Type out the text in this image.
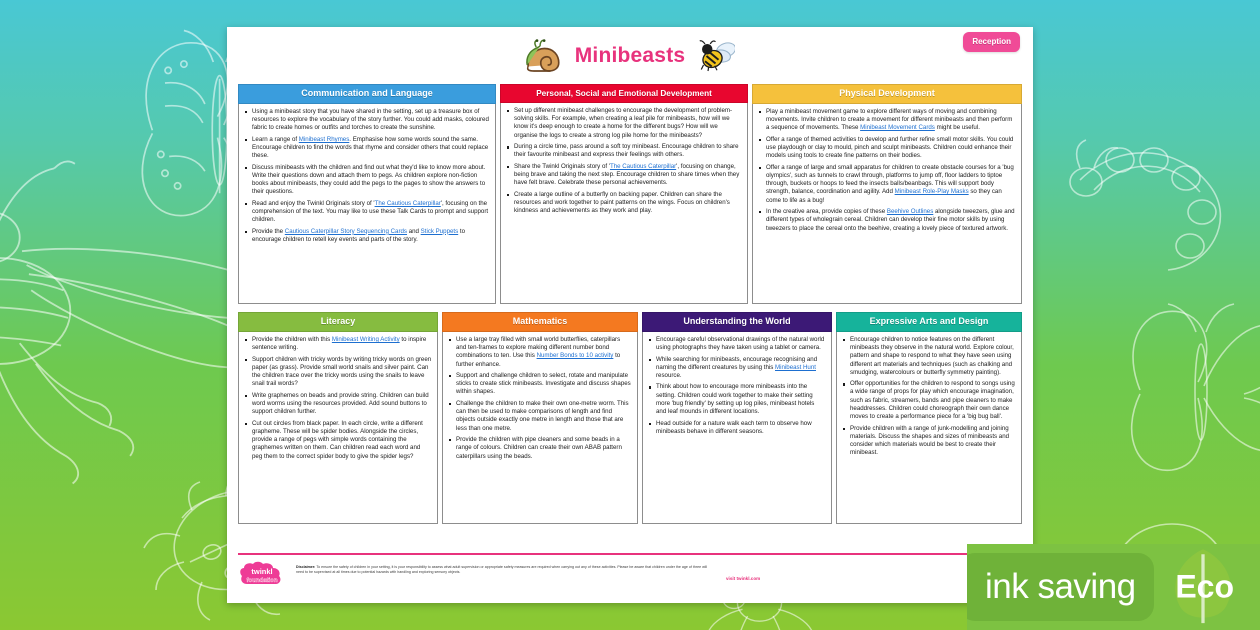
Minibeasts
Reception
Communication and Language
Using a minibeast story that you have shared in the setting, set up a treasure box of resources to explore the vocabulary of the story further. You could add masks, coloured fabric to create homes or outfits and torches to create the sunshine.
Learn a range of Minibeast Rhymes. Emphasise how some words sound the same. Encourage children to find the words that rhyme and consider others that could replace these.
Discuss minibeasts with the children and find out what they'd like to know more about. Write their questions down and attach them to pegs. As children explore non-fiction books about minibeasts, they could add the pegs to the pages to show the answers to their questions.
Read and enjoy the Twinkl Originals story of 'The Cautious Caterpillar', focusing on the comprehension of the text. You may like to use these Talk Cards to prompt and support children.
Provide the Cautious Caterpillar Story Sequencing Cards and Stick Puppets to encourage children to retell key events and parts of the story.
Personal, Social and Emotional Development
Set up different minibeast challenges to encourage the development of problem-solving skills. For example, when creating a leaf pile for minibeasts, how will we know it's deep enough to create a home for the different bugs? How will we organise the logs to create a strong log pile home for the minibeasts?
During a circle time, pass around a soft toy minibeast. Encourage children to share their favourite minibeast and express their feelings with others.
Share the Twinkl Originals story of 'The Cautious Caterpillar', focusing on change, being brave and taking the next step. Encourage children to share times when they have felt brave. Celebrate these personal achievements.
Create a large outline of a butterfly on backing paper. Children can share the resources and work together to paint patterns on the wings. Focus on children's kindness and achievements as they work and play.
Physical Development
Play a minibeast movement game to explore different ways of moving and combining movements. Invite children to create a movement for different minibeasts and then perform a sequence of movements. These Minibeast Movement Cards might be useful.
Offer a range of themed activities to develop and further refine small motor skills. You could use playdough or clay to mould, pinch and sculpt minibeasts. Children could enhance their models using tools to create fine patterns on their bodies.
Offer a range of large and small apparatus for children to create obstacle courses for a 'bug olympics', such as tunnels to crawl through, platforms to jump off, floor ladders to tiptoe through, buckets or hoops to feed the insects balls/beanbags. This will support body strength, balance, coordination and agility. Add Minibeast Role-Play Masks so they can come to life as a bug!
In the creative area, provide copies of these Beehive Outlines alongside tweezers, glue and different types of wholegrain cereal. Children can develop their fine motor skills by using tweezers to place the cereal onto the beehive, creating a lovely piece of textured artwork.
Literacy
Provide the children with this Minibeast Writing Activity to inspire sentence writing.
Support children with tricky words by writing tricky words on green paper (as grass). Provide small world snails and silver paint. Can the children trace over the tricky words using the snails to leave snail trail words?
Write graphemes on beads and provide string. Children can build word worms using the resources provided. Add sound buttons to support children further.
Cut out circles from black paper. In each circle, write a different grapheme. These will be spider bodies. Alongside the circles, provide a range of pegs with simple words containing the graphemes written on them. Can children read each word and peg them to the correct spider body to give the spider legs?
Mathematics
Use a large tray filled with small world butterflies, caterpillars and ten-frames to explore making different number bond combinations to ten. Use this Number Bonds to 10 activity to further enhance.
Support and challenge children to select, rotate and manipulate sticks to create stick minibeasts. Investigate and discuss shapes within shapes.
Challenge the children to make their own one-metre worm. This can then be used to make comparisons of length and find objects outside exactly one metre in length and those that are less than one metre.
Provide the children with pipe cleaners and some beads in a range of colours. Children can create their own ABAB pattern caterpillars using the beads.
Understanding the World
Encourage careful observational drawings of the natural world using photographs they have taken using a tablet or camera.
While searching for minibeasts, encourage recognising and naming the different creatures by using this Minibeast Hunt resource.
Think about how to encourage more minibeasts into the setting. Children could work together to make their setting more 'bug friendly' by setting up log piles, minibeast hotels and leaf mounds in different locations.
Head outside for a nature walk each term to observe how minibeasts behave in different seasons.
Expressive Arts and Design
Encourage children to notice features on the different minibeasts they observe in the natural world. Explore colour, pattern and shape to respond to what they have seen using different art materials and techniques (such as chalking and smudging, watercolours or butterfly symmetry painting).
Offer opportunities for the children to respond to songs using a wide range of props for play which encourage imagination, such as fabric, streamers, bands and pipe cleaners to make headdresses. Children could choreograph their own dance moves to create a performance piece for a 'big bug ball'.
Provide children with a range of junk-modelling and joining materials. Discuss the shapes and sizes of minibeasts and consider which materials would be best to create their minibeast.
twinkl
foundation
Disclaimer: To ensure the safety of children in your setting, it is your responsibility to assess what adult supervision or appropriate safety measures are required when carrying out any of these activities. Please be aware that children under the age of three will need to be supervised at all times due to potential hazards with handling and exploring sensory objects.
visit twinkl.com	ink saving Eco
